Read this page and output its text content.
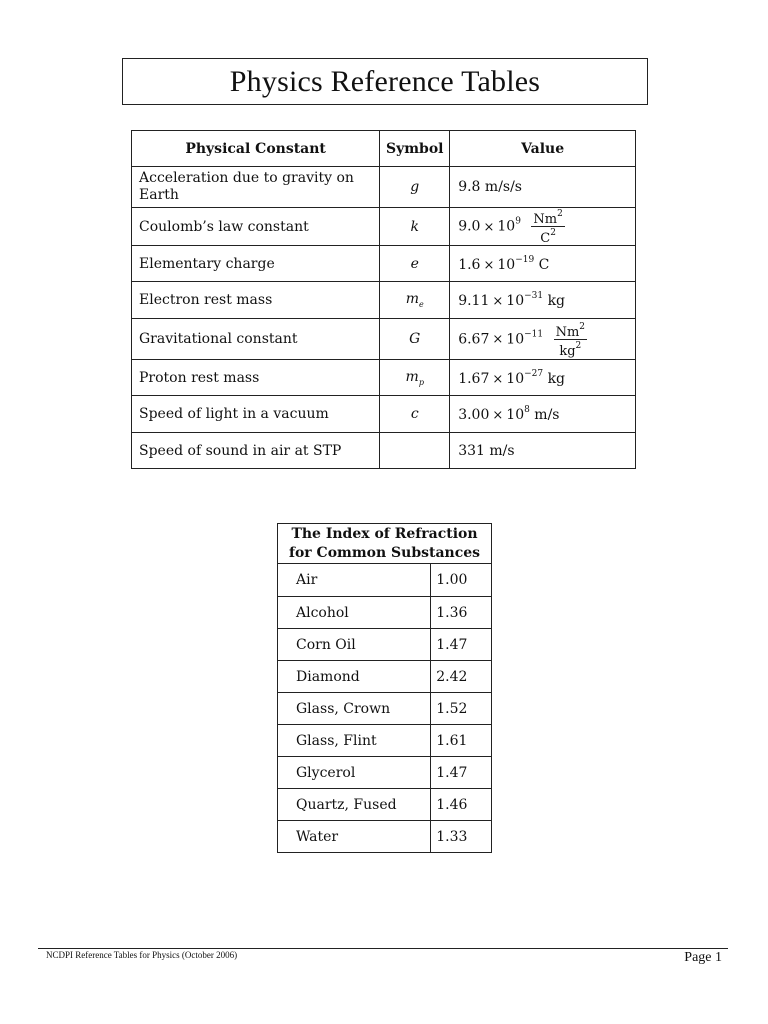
Physics Reference Tables
Physical Constant	Symbol	Value
Acceleration due to gravity on Earth	g	9.8 m/s/s
Coulomb’s law constant	k	$9.0 \times 10^9 \frac{Nm^2}{C^2}$

Elementary charge	e	$1.6 \times 10^{-19}$ C
Electron rest mass	$m_e$	$9.11 \times 10^{-31}$ kg
Gravitational constant	G	$6.67 \times 10^{-11} \frac{Nm^2}{kg^2}$

Proton rest mass	$m_p$	$1.67 \times 10^{-27}$ kg
Speed of light in a vacuum	c	$3.00 \times 10^8$ m/s
Speed of sound in air at STP		331 m/s
The Index of Refraction
for Common Substances	

Air	1.00
Alcohol	1.36
Corn Oil	1.47
Diamond	2.42
Glass, Crown	1.52
Glass, Flint	1.61
Glycerol	1.47
Quartz, Fused	1.46
Water	1.33
NCDPI Reference Tables for Physics (October 2006)	Page 1
